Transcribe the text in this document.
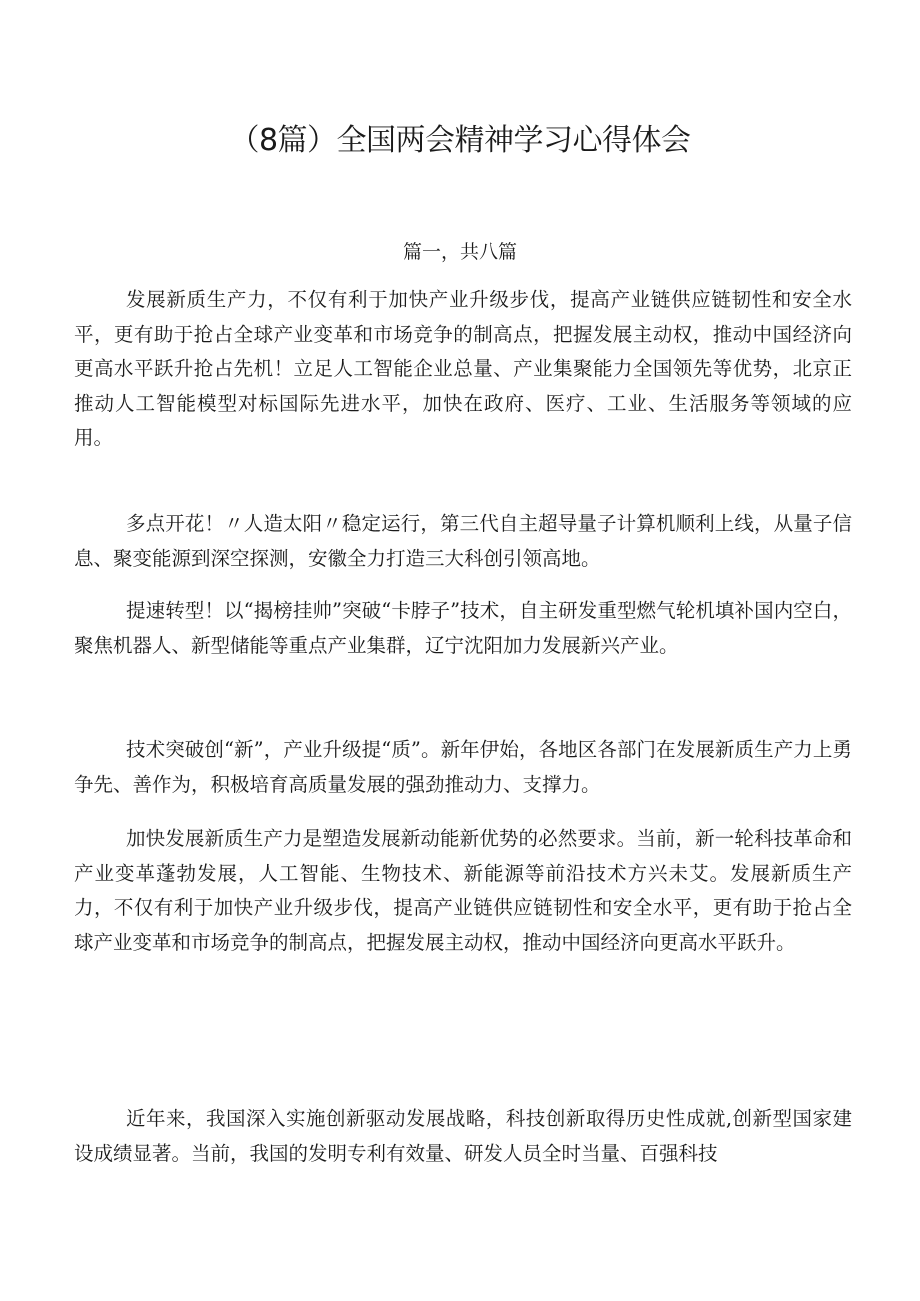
（8篇）全国两会精神学习心得体会
篇一，共八篇

发展新质生产力，不仅有利于加快产业升级步伐，提高产业链供应链韧性和安全水平，更有助于抢占全球产业变革和市场竞争的制高点，把握发展主动权，推动中国经济向更高水平跃升抢占先机！立足人工智能企业总量、产业集聚能力全国领先等优势，北京正推动人工智能模型对标国际先进水平，加快在政府、医疗、工业、生活服务等领域的应用。

多点开花！〃人造太阳〃稳定运行，第三代自主超导量子计算机顺利上线，从量子信息、聚变能源到深空探测，安徽全力打造三大科创引领高地。

提速转型！以“揭榜挂帅”突破“卡脖子”技术，自主研发重型燃气轮机填补国内空白，聚焦机器人、新型储能等重点产业集群，辽宁沈阳加力发展新兴产业。

技术突破创“新”，产业升级提“质”。新年伊始，各地区各部门在发展新质生产力上勇争先、善作为，积极培育高质量发展的强劲推动力、支撑力。

加快发展新质生产力是塑造发展新动能新优势的必然要求。当前，新一轮科技革命和产业变革蓬勃发展，人工智能、生物技术、新能源等前沿技术方兴未艾。发展新质生产力，不仅有利于加快产业升级步伐，提高产业链供应链韧性和安全水平，更有助于抢占全球产业变革和市场竞争的制高点，把握发展主动权，推动中国经济向更高水平跃升。

近年来，我国深入实施创新驱动发展战略，科技创新取得历史性成就,创新型国家建设成绩显著。当前，我国的发明专利有效量、研发人员全时当量、百强科技
